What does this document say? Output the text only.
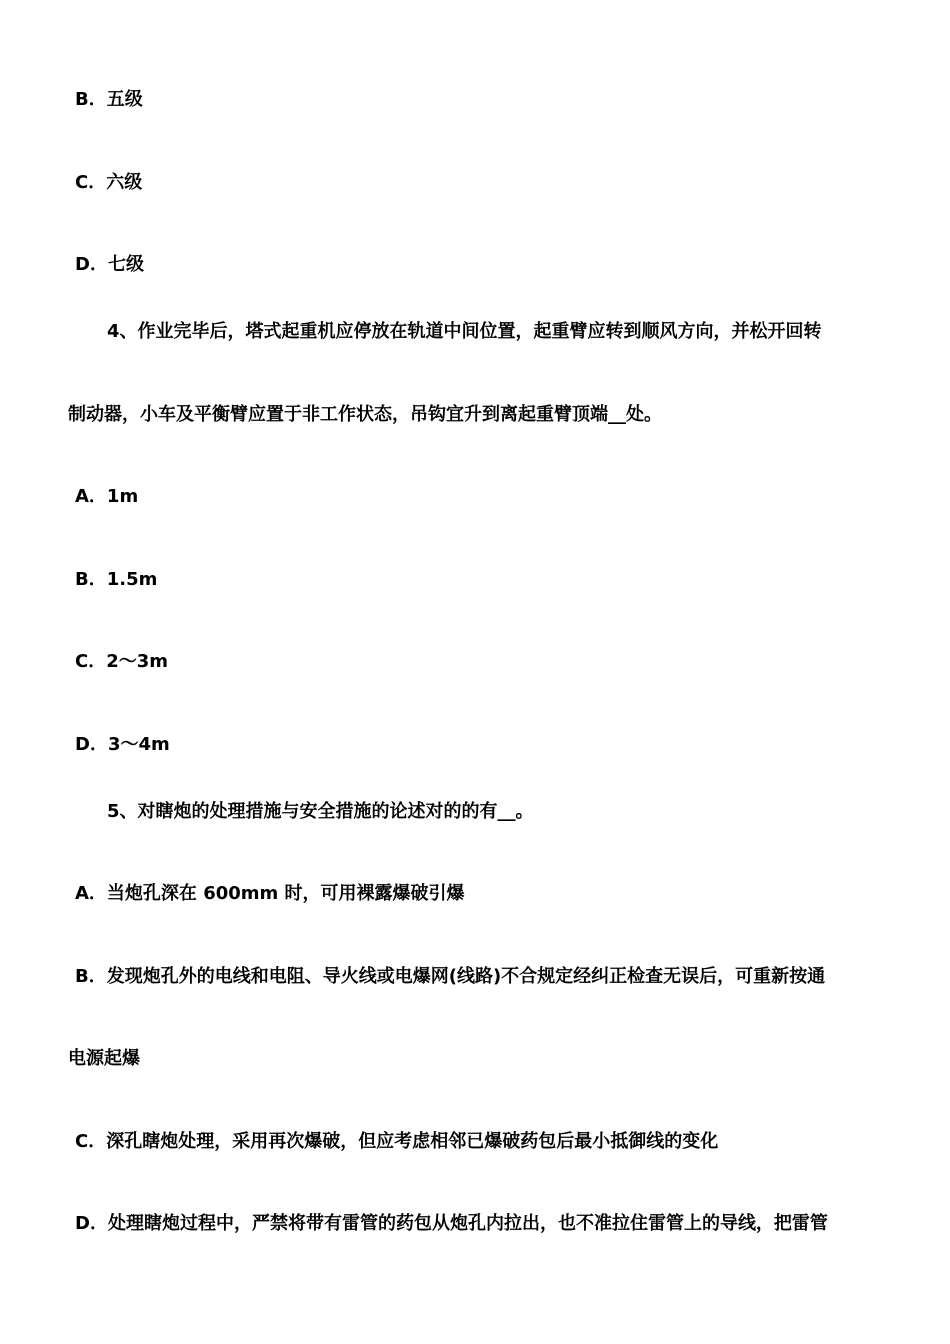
B．五级
C．六级
D．七级
4、作业完毕后，塔式起重机应停放在轨道中间位置，起重臂应转到顺风方向，并松开回转
制动器，小车及平衡臂应置于非工作状态，吊钩宜升到离起重臂顶端__处。
A．1m
B．1.5m
C．2～3m
D．3～4m
5、对瞎炮的处理措施与安全措施的论述对的的有__。
A．当炮孔深在 600mm 时，可用裸露爆破引爆
B．发现炮孔外的电线和电阻、导火线或电爆网(线路)不合规定经纠正检查无误后，可重新按通
电源起爆
C．深孔瞎炮处理，采用再次爆破，但应考虑相邻已爆破药包后最小抵御线的变化
D．处理瞎炮过程中，严禁将带有雷管的药包从炮孔内拉出，也不准拉住雷管上的导线，把雷管
